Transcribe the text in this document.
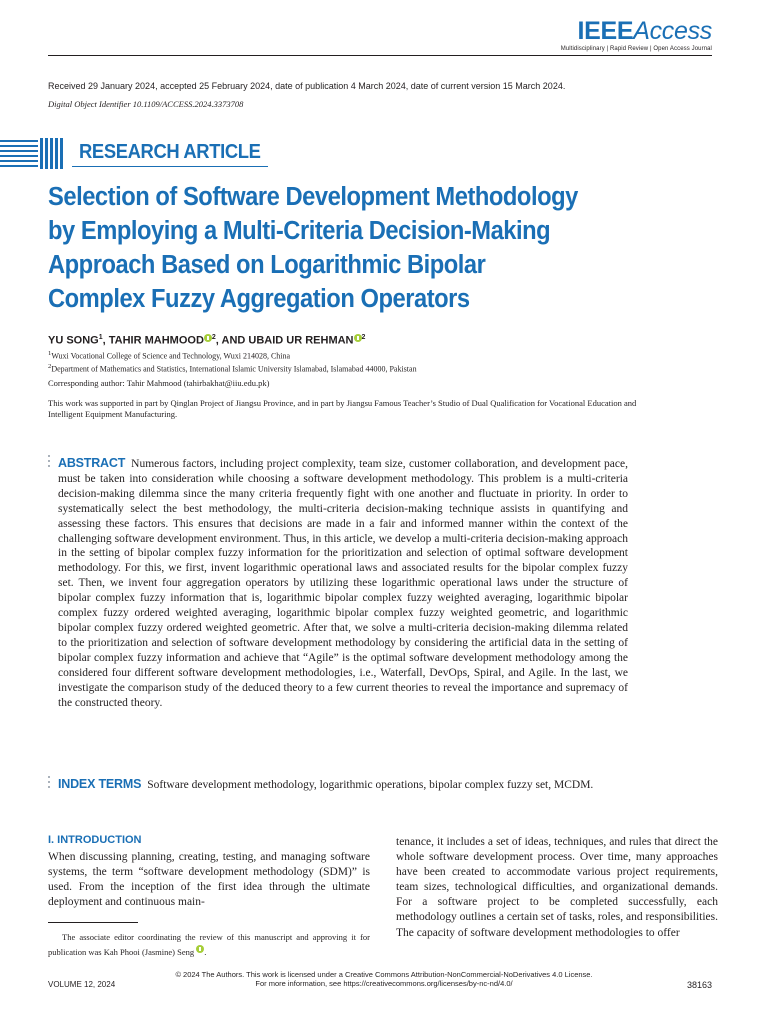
IEEEAccess
Multidisciplinary | Rapid Review | Open Access Journal
Received 29 January 2024, accepted 25 February 2024, date of publication 4 March 2024, date of current version 15 March 2024.
Digital Object Identifier 10.1109/ACCESS.2024.3373708
RESEARCH ARTICLE
Selection of Software Development Methodology
by Employing a Multi-Criteria Decision-Making
Approach Based on Logarithmic Bipolar
Complex Fuzzy Aggregation Operators
YU SONG$^1$, TAHIR MAHMOOD $^2$, AND UBAID UR REHMAN $^2$
$^1$Wuxi Vocational College of Science and Technology, Wuxi 214028, China
$^2$Department of Mathematics and Statistics, International Islamic University Islamabad, Islamabad 44000, Pakistan
Corresponding author: Tahir Mahmood (tahirbakhat@iiu.edu.pk)
This work was supported in part by Qinglan Project of Jiangsu Province, and in part by Jiangsu Famous Teacher’s Studio of Dual Qualification for Vocational Education and Intelligent Equipment Manufacturing.
ABSTRACT Numerous factors, including project complexity, team size, customer collaboration, and development pace, must be taken into consideration while choosing a software development methodology. This problem is a multi-criteria decision-making dilemma since the many criteria frequently fight with one another and fluctuate in priority. In order to systematically select the best methodology, the multi-criteria decision-making technique assists in quantifying and assessing these factors. This ensures that decisions are made in a fair and informed manner within the context of the challenging software development environment. Thus, in this article, we develop a multi-criteria decision-making approach in the setting of bipolar complex fuzzy information for the prioritization and selection of optimal software development methodology. For this, we first, invent logarithmic operational laws and associated results for the bipolar complex fuzzy set. Then, we invent four aggregation operators by utilizing these logarithmic operational laws under the structure of bipolar complex fuzzy information that is, logarithmic bipolar complex fuzzy weighted averaging, logarithmic bipolar complex fuzzy ordered weighted averaging, logarithmic bipolar complex fuzzy weighted geometric, and logarithmic bipolar complex fuzzy ordered weighted geometric. After that, we solve a multi-criteria decision-making dilemma related to the prioritization and selection of software development methodology by considering the artificial data in the setting of bipolar complex fuzzy information and achieve that “Agile” is the optimal software development methodology among the considered four different software development methodologies, i.e., Waterfall, DevOps, Spiral, and Agile. In the last, we investigate the comparison study of the deduced theory to a few current theories to reveal the importance and supremacy of the constructed theory.
INDEX TERMS Software development methodology, logarithmic operations, bipolar complex fuzzy set, MCDM.
I. INTRODUCTION
When discussing planning, creating, testing, and managing software systems, the term “software development methodology (SDM)” is used. From the inception of the first idea through the ultimate deployment and continuous main-
The associate editor coordinating the review of this manuscript and approving it for publication was Kah Phooi (Jasmine) Seng .
tenance, it includes a set of ideas, techniques, and rules that direct the whole software development process. Over time, many approaches have been created to accommodate various project requirements, team sizes, technological difficulties, and organizational demands. For a software project to be completed successfully, each methodology outlines a certain set of tasks, roles, and responsibilities. The capacity of software development methodologies to offer
© 2024 The Authors. This work is licensed under a Creative Commons Attribution-NonCommercial-NoDerivatives 4.0 License.
For more information, see https://creativecommons.org/licenses/by-nc-nd/4.0/
VOLUME 12, 2024	38163
